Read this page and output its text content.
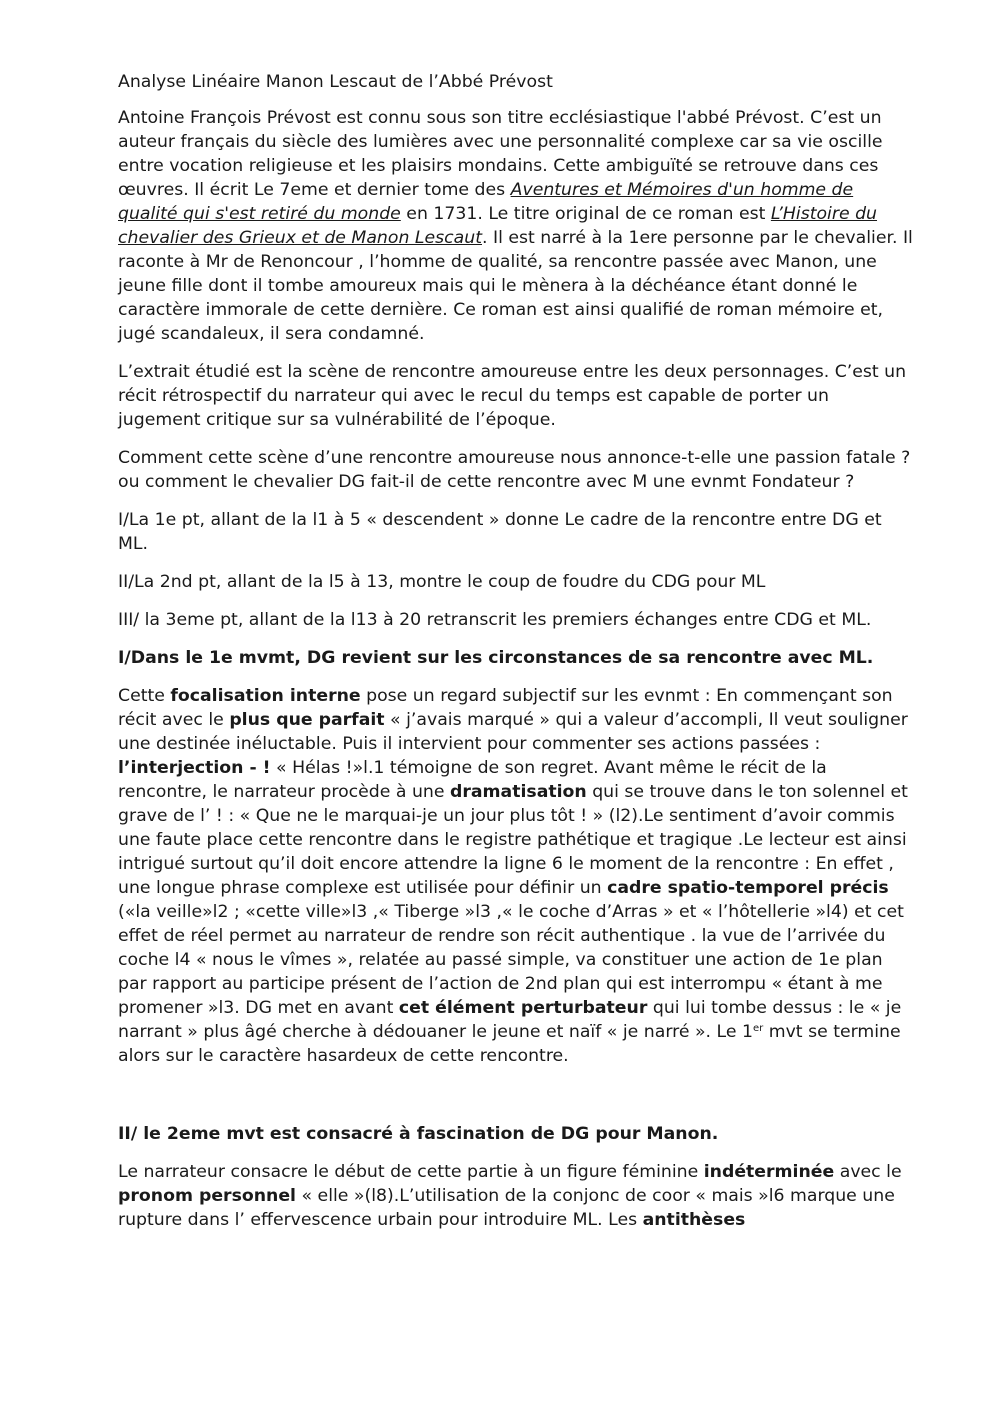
Analyse Linéaire Manon Lescaut de l’Abbé Prévost

Antoine François Prévost est connu sous son titre ecclésiastique l'abbé Prévost. C’est un auteur français du siècle des lumières avec une personnalité complexe car sa vie oscille entre vocation religieuse et les plaisirs mondains. Cette ambiguïté se retrouve dans ces œuvres. Il écrit Le 7eme et dernier tome des Aventures et Mémoires d'un homme de qualité qui s'est retiré du monde en 1731. Le titre original de ce roman est L’Histoire du chevalier des Grieux et de Manon Lescaut. Il est narré à la 1ere personne par le chevalier. Il raconte à Mr de Renoncour , l’homme de qualité, sa rencontre passée avec Manon, une jeune fille dont il tombe amoureux mais qui le mènera à la déchéance étant donné le caractère immorale de cette dernière. Ce roman est ainsi qualifié de roman mémoire et, jugé scandaleux, il sera condamné.

L’extrait étudié est la scène de rencontre amoureuse entre les deux personnages. C’est un récit rétrospectif du narrateur qui avec le recul du temps est capable de porter un jugement critique sur sa vulnérabilité de l’époque.

Comment cette scène d’une rencontre amoureuse nous annonce-t-elle une passion fatale ? ou comment le chevalier DG fait-il de cette rencontre avec M une evnmt Fondateur ?

I/La 1e pt, allant de la l1 à 5 « descendent » donne Le cadre de la rencontre entre DG et ML.

II/La 2nd pt, allant de la l5 à 13, montre le coup de foudre du CDG pour ML

III/ la 3eme pt, allant de la l13 à 20 retranscrit les premiers échanges entre CDG et ML.

I/Dans le 1e mvmt, DG revient sur les circonstances de sa rencontre avec ML.

Cette focalisation interne pose un regard subjectif sur les evnmt : En commençant son récit avec le plus que parfait « j’avais marqué » qui a valeur d’accompli, Il veut souligner une destinée inéluctable. Puis il intervient pour commenter ses actions passées : l’interjection - ! « Hélas !»l.1 témoigne de son regret. Avant même le récit de la rencontre, le narrateur procède à une dramatisation qui se trouve dans le ton solennel et grave de l’ ! : « Que ne le marquai-je un jour plus tôt ! » (l2).Le sentiment d’avoir commis une faute place cette rencontre dans le registre pathétique et tragique .Le lecteur est ainsi intrigué surtout qu’il doit encore attendre la ligne 6 le moment de la rencontre : En effet , une longue phrase complexe est utilisée pour définir un cadre spatio-temporel précis («la veille»l2 ; «cette ville»l3 ,« Tiberge »l3 ,« le coche d’Arras » et « l’hôtellerie »l4) et cet effet de réel permet au narrateur de rendre son récit authentique . la vue de l’arrivée du coche l4 « nous le vîmes », relatée au passé simple, va constituer une action de 1e plan par rapport au participe présent de l’action de 2nd plan qui est interrompu « étant à me promener »l3. DG met en avant cet élément perturbateur qui lui tombe dessus : le « je narrant » plus âgé cherche à dédouaner le jeune et naïf « je narré ». Le 1er mvt se termine alors sur le caractère hasardeux de cette rencontre.

II/ le 2eme mvt est consacré à fascination de DG pour Manon.

Le narrateur consacre le début de cette partie à un figure féminine indéterminée avec le pronom personnel « elle »(l8).L’utilisation de la conjonc de coor « mais »l6 marque une rupture dans l’ effervescence urbain pour introduire ML. Les antithèses
